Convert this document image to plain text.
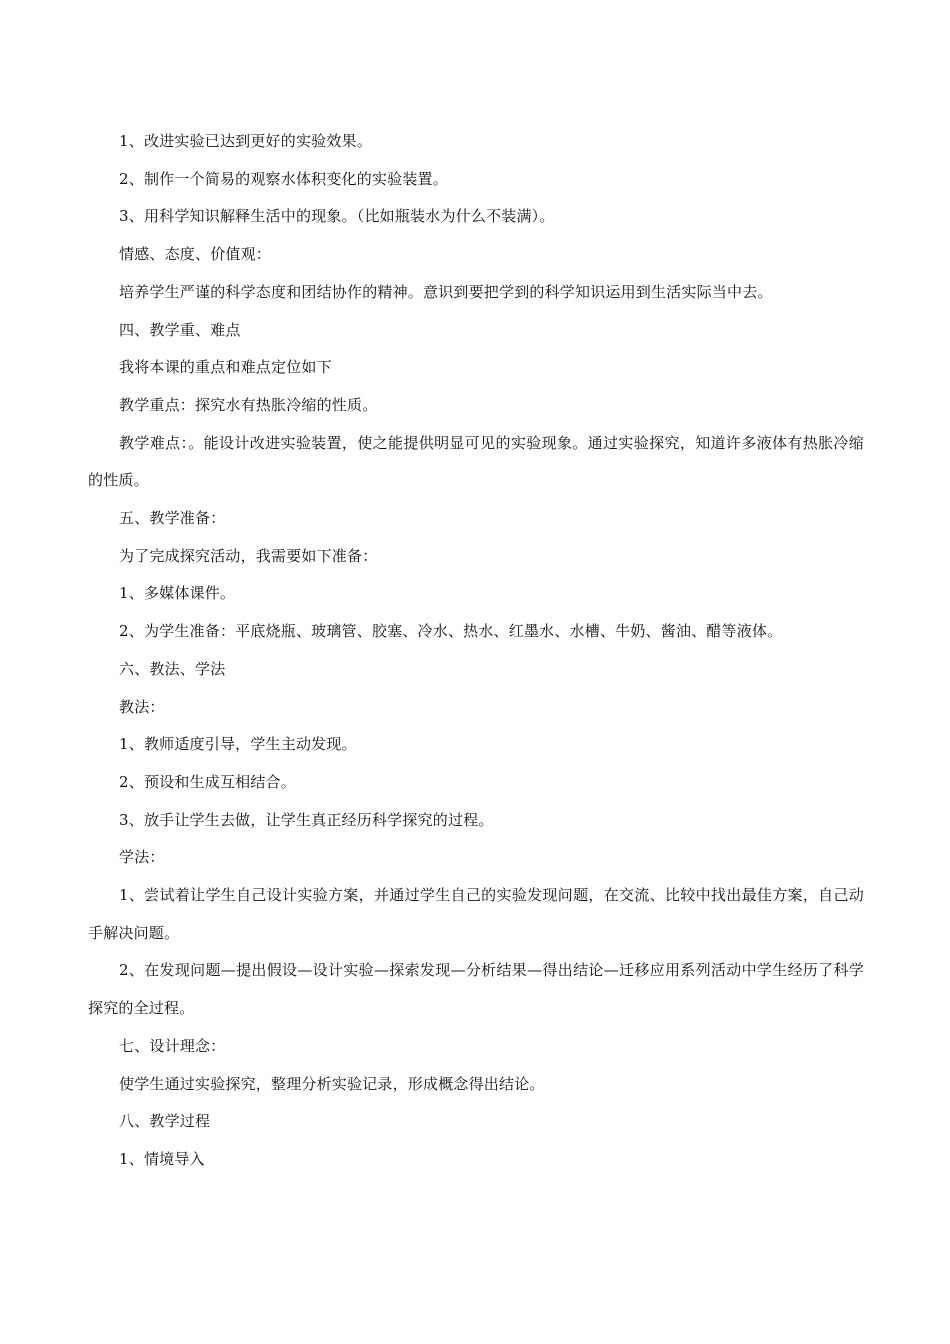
1、改进实验已达到更好的实验效果。

2、制作一个简易的观察水体积变化的实验装置。

3、用科学知识解释生活中的现象。（比如瓶装水为什么不装满）。

情感、态度、价值观：

培养学生严谨的科学态度和团结协作的精神。意识到要把学到的科学知识运用到生活实际当中去。

四、教学重、难点

我将本课的重点和难点定位如下

教学重点：探究水有热胀冷缩的性质。

教学难点：。能设计改进实验装置，使之能提供明显可见的实验现象。通过实验探究，知道许多液体有热胀冷缩的性质。

五、教学准备：

为了完成探究活动，我需要如下准备：

1、多媒体课件。

2、为学生准备：平底烧瓶、玻璃管、胶塞、冷水、热水、红墨水、水槽、牛奶、酱油、醋等液体。

六、教法、学法

教法：

1、教师适度引导，学生主动发现。

2、预设和生成互相结合。

3、放手让学生去做，让学生真正经历科学探究的过程。

学法：

1、尝试着让学生自己设计实验方案，并通过学生自己的实验发现问题，在交流、比较中找出最佳方案，自己动手解决问题。

2、在发现问题—提出假设—设计实验—探索发现—分析结果—得出结论—迁移应用系列活动中学生经历了科学探究的全过程。

七、设计理念：

使学生通过实验探究，整理分析实验记录，形成概念得出结论。

八、教学过程

1、情境导入
